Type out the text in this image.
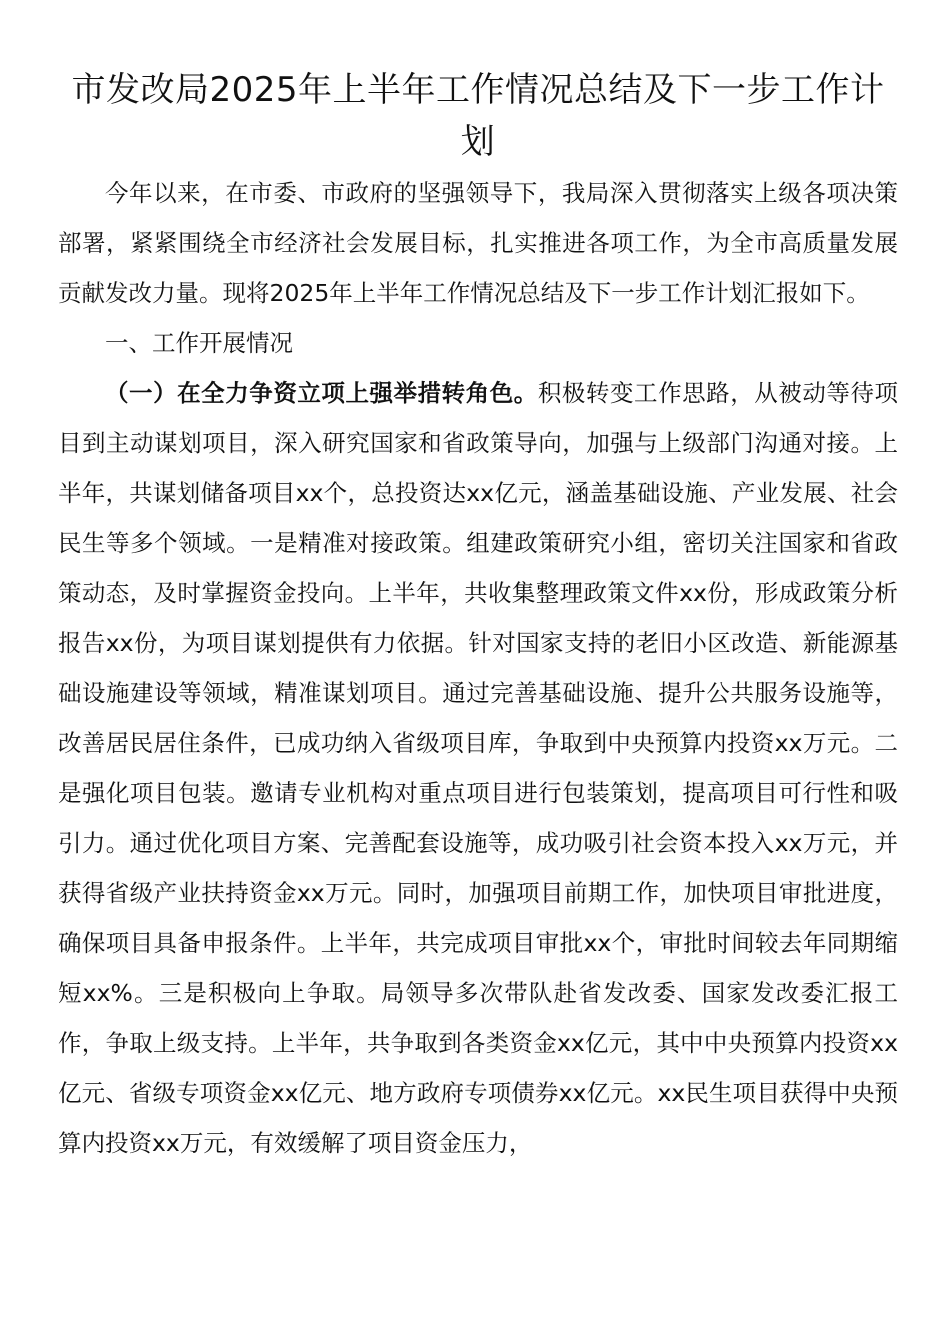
市发改局2025年上半年工作情况总结及下一步工作计划

今年以来，在市委、市政府的坚强领导下，我局深入贯彻落实上级各项决策部署，紧紧围绕全市经济社会发展目标，扎实推进各项工作，为全市高质量发展贡献发改力量。现将2025年上半年工作情况总结及下一步工作计划汇报如下。

一、工作开展情况

（一）在全力争资立项上强举措转角色。积极转变工作思路，从被动等待项目到主动谋划项目，深入研究国家和省政策导向，加强与上级部门沟通对接。上半年，共谋划储备项目xx个，总投资达xx亿元，涵盖基础设施、产业发展、社会民生等多个领域。一是精准对接政策。组建政策研究小组，密切关注国家和省政策动态，及时掌握资金投向。上半年，共收集整理政策文件xx份，形成政策分析报告xx份，为项目谋划提供有力依据。针对国家支持的老旧小区改造、新能源基础设施建设等领域，精准谋划项目。通过完善基础设施、提升公共服务设施等，改善居民居住条件，已成功纳入省级项目库，争取到中央预算内投资xx万元。二是强化项目包装。邀请专业机构对重点项目进行包装策划，提高项目可行性和吸引力。通过优化项目方案、完善配套设施等，成功吸引社会资本投入xx万元，并获得省级产业扶持资金xx万元。同时，加强项目前期工作，加快项目审批进度，确保项目具备申报条件。上半年，共完成项目审批xx个，审批时间较去年同期缩短xx%。三是积极向上争取。局领导多次带队赴省发改委、国家发改委汇报工作，争取上级支持。上半年，共争取到各类资金xx亿元，其中中央预算内投资xx亿元、省级专项资金xx亿元、地方政府专项债券xx亿元。xx民生项目获得中央预算内投资xx万元，有效缓解了项目资金压力，
